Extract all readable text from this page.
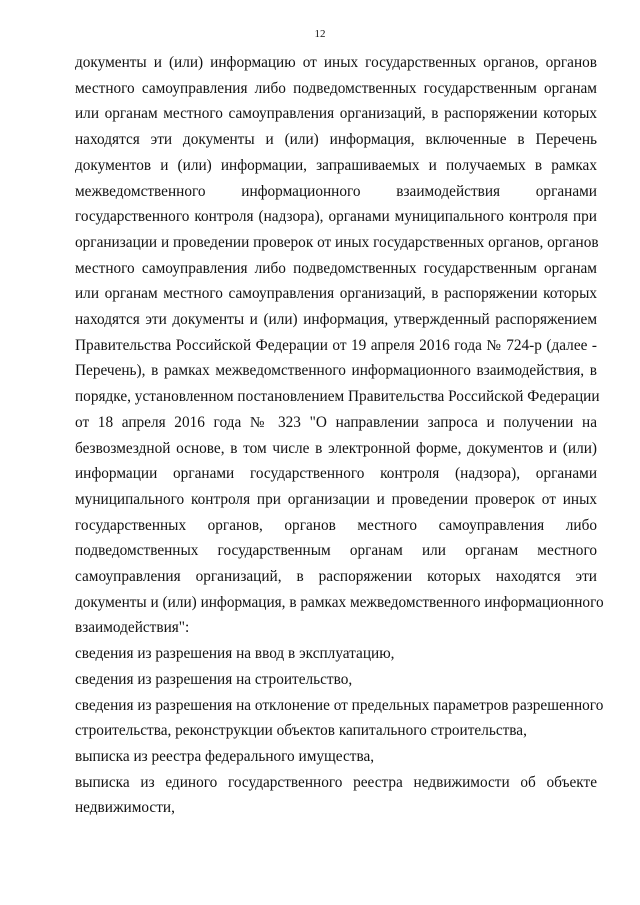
12
документы и (или) информацию от иных государственных органов, органов
местного самоуправления либо подведомственных государственным органам
или органам местного самоуправления организаций, в распоряжении которых
находятся эти документы и (или) информация, включенные в Перечень
документов и (или) информации, запрашиваемых и получаемых в рамках
межведомственного информационного взаимодействия органами
государственного контроля (надзора), органами муниципального контроля при
организации и проведении проверок от иных государственных органов, органов
местного самоуправления либо подведомственных государственным органам
или органам местного самоуправления организаций, в распоряжении которых
находятся эти документы и (или) информация, утвержденный распоряжением
Правительства Российской Федерации от 19 апреля 2016 года № 724-р (далее -
Перечень), в рамках межведомственного информационного взаимодействия, в
порядке, установленном постановлением Правительства Российской Федерации
от 18 апреля 2016 года № 323 "О направлении запроса и получении на
безвозмездной основе, в том числе в электронной форме, документов и (или)
информации органами государственного контроля (надзора), органами
муниципального контроля при организации и проведении проверок от иных
государственных органов, органов местного самоуправления либо
подведомственных государственным органам или органам местного
самоуправления организаций, в распоряжении которых находятся эти
документы и (или) информация, в рамках межведомственного информационного
взаимодействия":
сведения из разрешения на ввод в эксплуатацию,
сведения из разрешения на строительство,
сведения из разрешения на отклонение от предельных параметров разрешенного
строительства, реконструкции объектов капитального строительства,
выписка из реестра федерального имущества,
выписка из единого государственного реестра недвижимости об объекте
недвижимости,
